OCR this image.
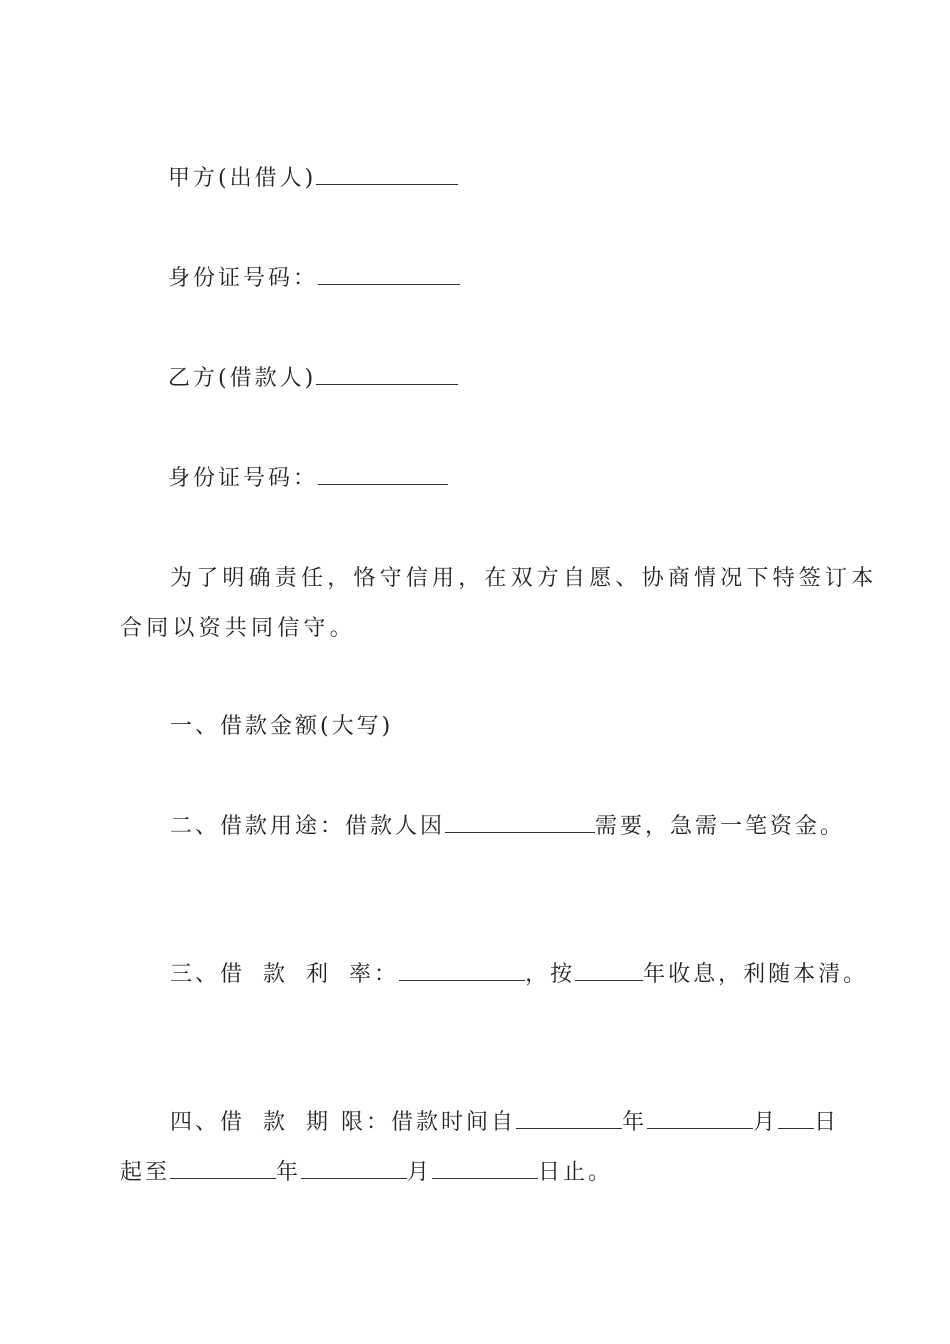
甲方(出借人)
身份证号码：
乙方(借款人)
身份证号码：
为了明确责任，恪守信用，在双方自愿、协商情况下特签订本
合同以资共同信守。
一、借款金额(大写)
二、借款用途：借款人因	需要，急需一笔资金。
三、借 款 利 率：	，按	年收息，利随本清。
四、借 款 期 限：借款时间自	年	月 日
起至	年	月	日止。
